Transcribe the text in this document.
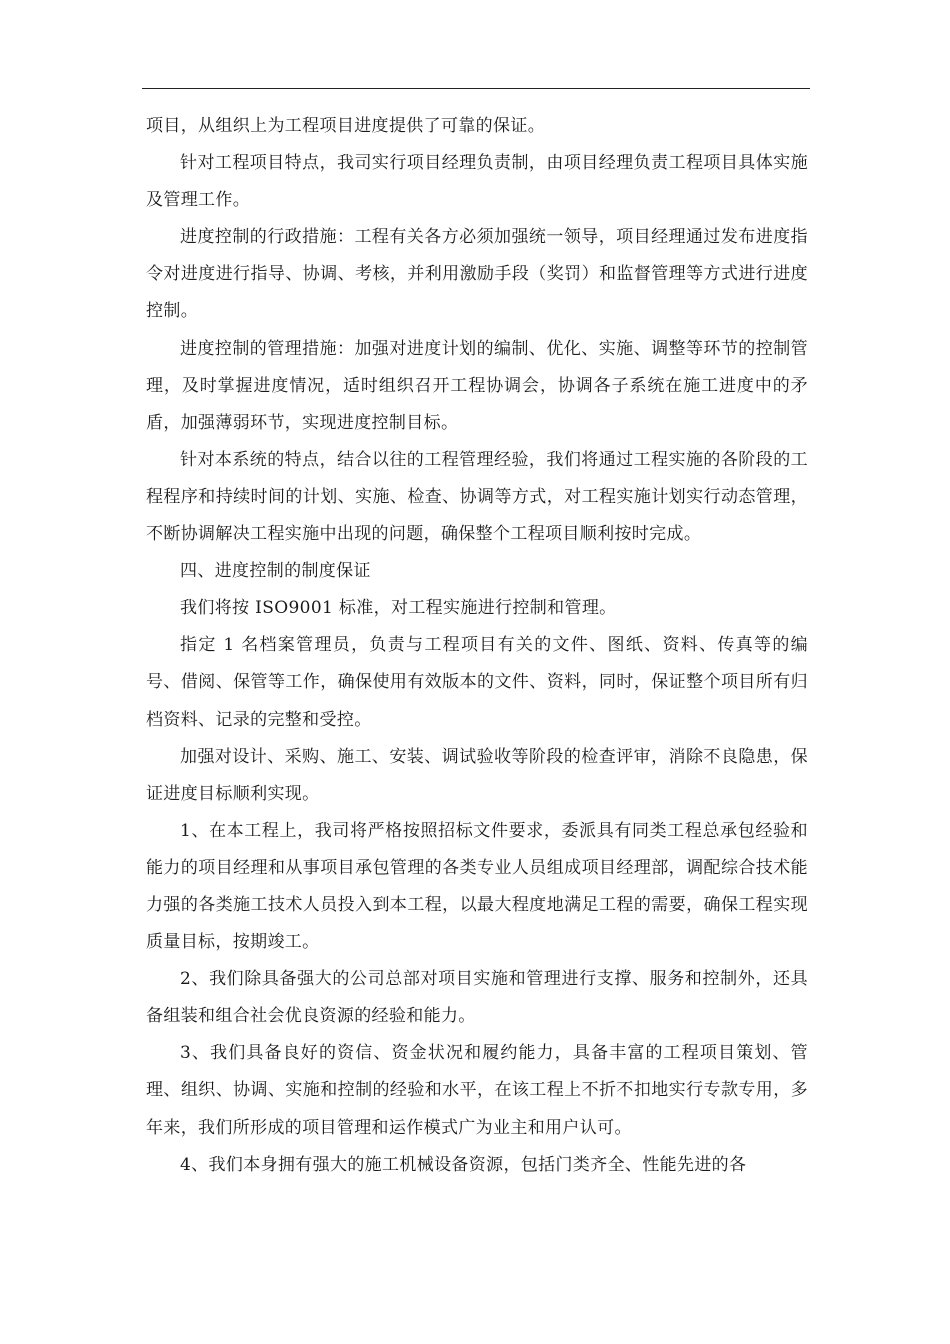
项目，从组织上为工程项目进度提供了可靠的保证。

针对工程项目特点，我司实行项目经理负责制，由项目经理负责工程项目具体实施及管理工作。

进度控制的行政措施：工程有关各方必须加强统一领导，项目经理通过发布进度指令对进度进行指导、协调、考核，并利用激励手段（奖罚）和监督管理等方式进行进度控制。

进度控制的管理措施：加强对进度计划的编制、优化、实施、调整等环节的控制管理，及时掌握进度情况，适时组织召开工程协调会，协调各子系统在施工进度中的矛盾，加强薄弱环节，实现进度控制目标。

针对本系统的特点，结合以往的工程管理经验，我们将通过工程实施的各阶段的工程程序和持续时间的计划、实施、检查、协调等方式，对工程实施计划实行动态管理，不断协调解决工程实施中出现的问题，确保整个工程项目顺利按时完成。

四、进度控制的制度保证

我们将按 ISO9001 标准，对工程实施进行控制和管理。

指定 1 名档案管理员，负责与工程项目有关的文件、图纸、资料、传真等的编号、借阅、保管等工作，确保使用有效版本的文件、资料，同时，保证整个项目所有归档资料、记录的完整和受控。

加强对设计、采购、施工、安装、调试验收等阶段的检查评审，消除不良隐患，保证进度目标顺利实现。

1、在本工程上，我司将严格按照招标文件要求，委派具有同类工程总承包经验和能力的项目经理和从事项目承包管理的各类专业人员组成项目经理部，调配综合技术能力强的各类施工技术人员投入到本工程，以最大程度地满足工程的需要，确保工程实现质量目标，按期竣工。

2、我们除具备强大的公司总部对项目实施和管理进行支撑、服务和控制外，还具备组装和组合社会优良资源的经验和能力。

3、我们具备良好的资信、资金状况和履约能力，具备丰富的工程项目策划、管理、组织、协调、实施和控制的经验和水平，在该工程上不折不扣地实行专款专用，多年来，我们所形成的项目管理和运作模式广为业主和用户认可。

4、我们本身拥有强大的施工机械设备资源，包括门类齐全、性能先进的各
